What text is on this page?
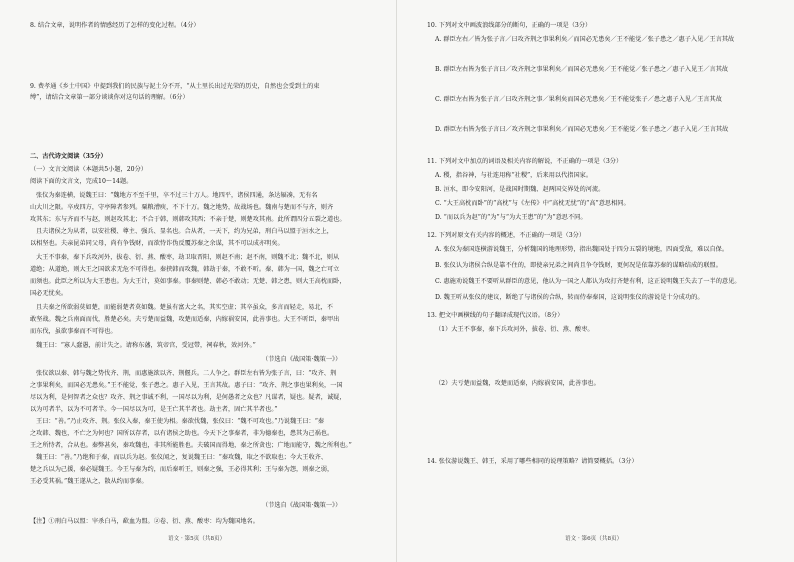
8. 结合文章，说明作者的情感经历了怎样的变化过程。（4分）
9. 费孝通《乡土中国》中提到我们的民族与泥土分不开，“从土里长出过光荣的历史，自然也会受到土的束
缚”，请结合文章第一部分谈谈你对这句话的理解。（6分）
二、古代诗文阅读（35分）
（一）文言文阅读（本题共5小题，20分）
阅读下面的文言文，完成10～14题。
张仪为秦连横，说魏王曰：“魏地方不至千里，卒不过三十万人。地四平，诸侯四通，条达辐凑，无有名
山大川之限。卒戍四方，守亭障者参列。粟粮漕庾，不下十万。魏之地势，故战场也。魏南与楚而不与齐，则齐
攻其东；东与齐而不与赵，则赵攻其北；不合于韩，则韩攻其西；不亲于楚，则楚攻其南。此所谓四分五裂之道也。
且夫诸侯之为从者，以安社稷、尊主、强兵、显名也。合从者，一天下，约为兄弟，刑白马以盟于洹水之上，
以相坚也。夫亲昆弟同父母，尚有争钱财，而欲恃诈伪反覆苏秦之余谋，其不可以成亦明矣。
大王不事秦，秦下兵攻河外，拔卷、衍、燕、酸枣，劫卫取晋阳，则赵不南；赵不南，则魏不北；魏不北，则从
道绝；从道绝，则大王之国欲求无危不可得也。秦挟韩而攻魏，韩劫于秦，不敢不听。秦、韩为一国，魏之亡可立
而须也。此臣之所以为大王患也。为大王计，莫如事秦。事秦则楚、韩必不敢动；无楚、韩之患，则大王高枕而卧，
国必无忧矣。
且夫秦之所欲弱莫如楚，而能弱楚者莫如魏。楚虽有富大之名，其实空虚；其卒虽众，多言而轻走，易北，不
敢坚战。魏之兵南面而伐，胜楚必矣。夫亏楚而益魏，攻楚而适秦，内嫁祸安国，此善事也。大王不听臣，秦甲出
而东伐，虽欲事秦而不可得也。
魏王曰：“寡人蠢愚，前计失之。请称东藩，筑帝宫，受冠带，祠春秋，效河外。”
（节选自《战国策·魏策一》）
张仪欲以秦、韩与魏之势伐齐、荆，而惠施欲以齐、荆偃兵。二人争之。群臣左右皆为张子言，曰：“攻齐、荆
之事果利矣，而国必无患矣。”王不能觉，张子患之。惠子入见，王言其故。惠子曰：“攻齐、荆之事也果利矣，一国
尽以为利，是何智者之众也？攻齐、荆之事诚不利，一国尽以为利，是何愚者之众也？凡谋者，疑也。疑者，诚疑，
以为可者半，以为不可者半。今一国尽以为可，是王亡其半者也。劫主者，固亡其半者也。”
王曰：“善。”乃止攻齐、荆。张仪入秦，秦王使为相。秦欲伐魏，张仪曰：“魏不可攻也。”乃说魏王曰：“秦
之攻韩、魏也，不亡之为何也？国所以存者，以有诸侯之助也。今天下之事秦者，非为德秦也，患其为己祸也。
王之所恃者，合从也。秦弊甚矣，秦攻魏也，非其所能胜也。夫破国而得地，秦之所贪也；广地而能守，魏之所利也。”
魏王曰：“善。”乃绝和于秦，而以兵为赵。张仪闻之，复说魏王曰：“秦攻魏，取之不欲取也；今大王收齐、
楚之兵以为己援，秦必疑魏王。今王与秦为约，而后秦听王，则秦之强，王必得其利；王与秦为怨，则秦之弱，
王必受其祸。”魏王遂从之，散从约而事秦。
（节选自《战国策·魏策一》）
【注】①刑白马以盟：宰杀白马，歃血为盟。②卷、衍、燕、酸枣：均为魏国地名。
语文 · 第5页（共8页）
10. 下列对文中画波浪线部分的断句，正确的一项是（3分）
A. 群臣左右／皆为张子言／曰攻齐荆之事果利矣／而国必无患矣／王不能觉／张子患之／惠子入见／王言其故
B. 群臣左右皆为张子言曰／攻齐荆之事果利矣／而国必无患矣／王不能觉／张子患之／惠子入见王／言其故
C. 群臣左右皆为张子言／曰攻齐荆之事／果利矣而国必无患矣／王不能觉张子／患之惠子入见／王言其故
D. 群臣左右皆为张子言曰／攻齐荆之事果利矣／而国必无患矣／王不能觉／张子患之／惠子入见／王言其故
11. 下列对文中加点的词语及相关内容的解说，不正确的一项是（3分）
A. 稷，指谷神，与社连用称“社稷”，后来用以代指国家。
B. 洹水，即今安阳河，是战国时期魏、赵两国交界处的河流。
C. “大王高枕而卧”的“高枕”与《左传》中“高枕无忧”的“高”意思相同。
D. “而以兵为赵”的“为”与“为大王患”的“为”意思不同。
12. 下列对原文有关内容的概述，不正确的一项是（3分）
A. 张仪为秦国连横游说魏王，分析魏国的地理形势，指出魏国处于四分五裂的境地，四面受敌，难以自保。
B. 张仪认为诸侯合纵是靠不住的，即使亲兄弟之间尚且争夺钱财，更何况是依靠苏秦的谋略结成的联盟。
C. 惠施劝说魏王不要听从群臣的意见，他认为一国之人都认为攻打齐楚有利，这正说明魏王失去了一半的意见。
D. 魏王听从张仪的建议，断绝了与诸侯的合纵，转而侍奉秦国，这说明张仪的游说是十分成功的。
13. 把文中画横线的句子翻译成现代汉语。（8分）
（1）大王不事秦，秦下兵攻河外，拔卷、衍、燕、酸枣。
（2）夫亏楚而益魏，攻楚而适秦，内嫁祸安国，此善事也。
14. 张仪游说魏王、韩王，采用了哪些相同的说理策略？请简要概括。（3分）
语文 · 第6页（共8页）
